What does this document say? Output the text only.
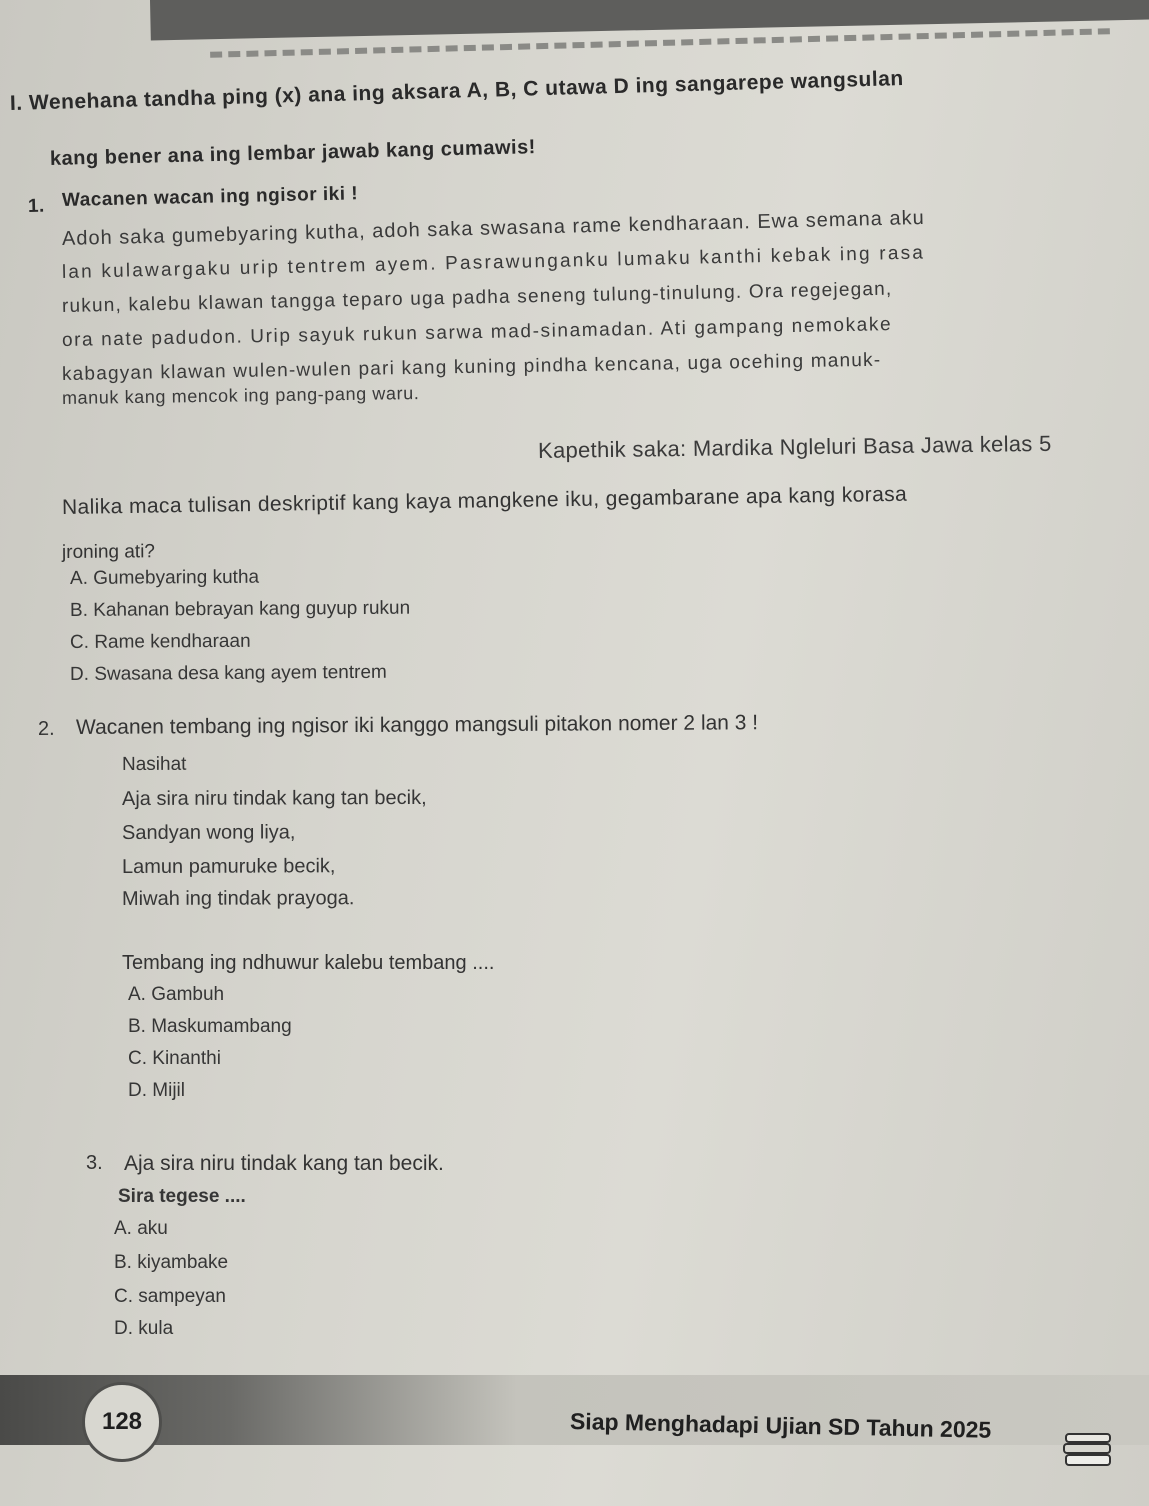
I. Wenehana tandha ping (x) ana ing aksara A, B, C utawa D ing sangarepe wangsulan
kang bener ana ing lembar jawab kang cumawis!
1. Wacanen wacan ing ngisor iki !
Adoh saka gumebyaring kutha, adoh saka swasana rame kendharaan. Ewa semana aku
lan kulawargaku urip tentrem ayem. Pasrawunganku lumaku kanthi kebak ing rasa
rukun, kalebu klawan tangga teparo uga padha seneng tulung-tinulung. Ora regejegan,
ora nate padudon. Urip sayuk rukun sarwa mad-sinamadan. Ati gampang nemokake
kabagyan klawan wulen-wulen pari kang kuning pindha kencana, uga ocehing manuk-
manuk kang mencok ing pang-pang waru.
Kapethik saka: Mardika Ngleluri Basa Jawa kelas 5
Nalika maca tulisan deskriptif kang kaya mangkene iku, gegambarane apa kang korasa
jroning ati?
A. Gumebyaring kutha
B. Kahanan bebrayan kang guyup rukun
C. Rame kendharaan
D. Swasana desa kang ayem tentrem
2. Wacanen tembang ing ngisor iki kanggo mangsuli pitakon nomer 2 lan 3 !
Nasihat
Aja sira niru tindak kang tan becik,
Sandyan wong liya,
Lamun pamuruke becik,
Miwah ing tindak prayoga.
Tembang ing ndhuwur kalebu tembang ....
A. Gambuh
B. Maskumambang
C. Kinanthi
D. Mijil
3. Aja sira niru tindak kang tan becik.
Sira tegese ....
A. aku
B. kiyambake
C. sampeyan
D. kula
128	Siap Menghadapi Ujian SD Tahun 2025
